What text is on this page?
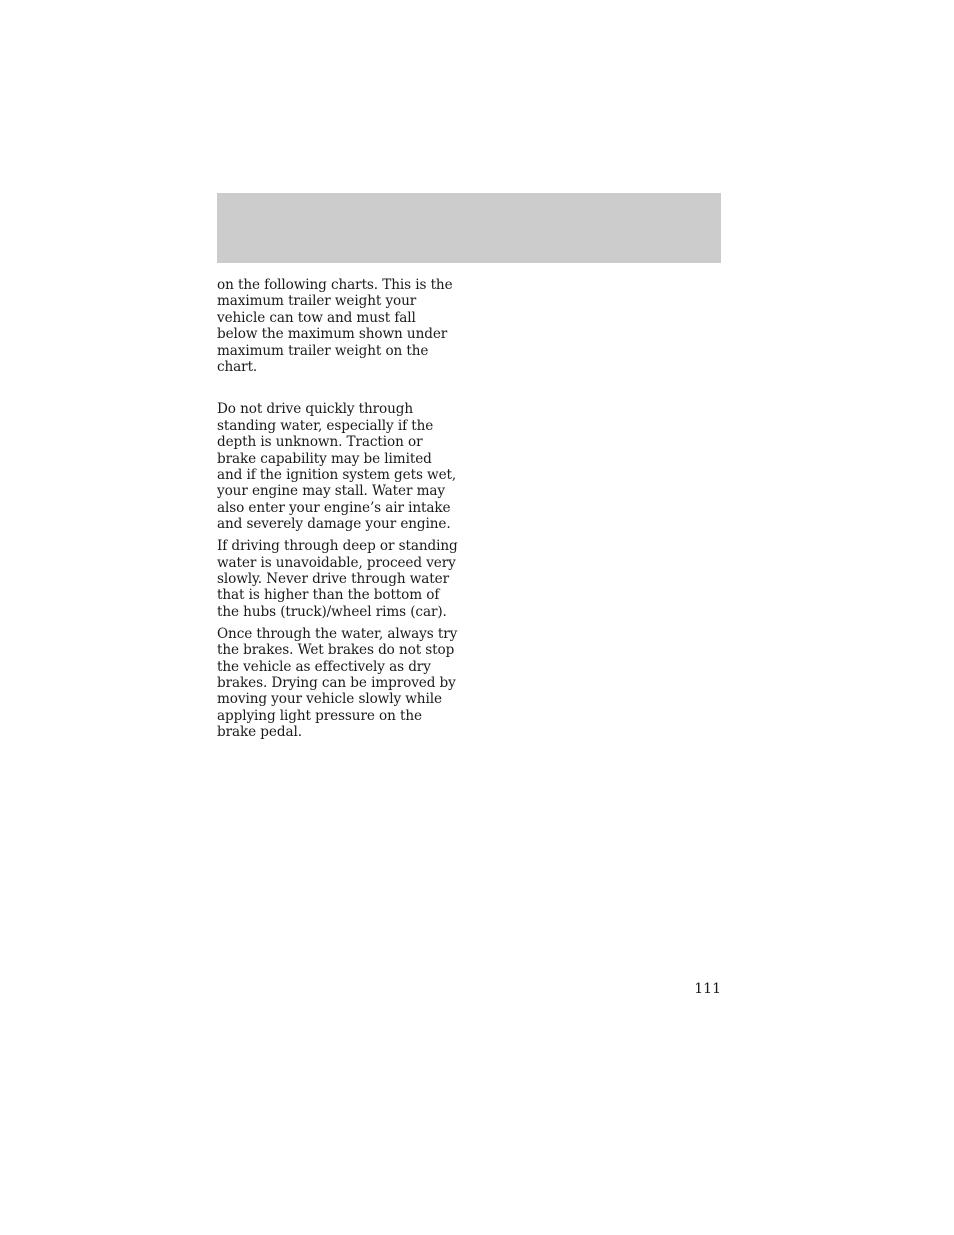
on the following charts. This is the
maximum trailer weight your
vehicle can tow and must fall
below the maximum shown under
maximum trailer weight on the
chart.

Do not drive quickly through
standing water, especially if the
depth is unknown. Traction or
brake capability may be limited
and if the ignition system gets wet,
your engine may stall. Water may
also enter your engine’s air intake
and severely damage your engine.

If driving through deep or standing
water is unavoidable, proceed very
slowly. Never drive through water
that is higher than the bottom of
the hubs (truck)/wheel rims (car).

Once through the water, always try
the brakes. Wet brakes do not stop
the vehicle as effectively as dry
brakes. Drying can be improved by
moving your vehicle slowly while
applying light pressure on the
brake pedal.

111
